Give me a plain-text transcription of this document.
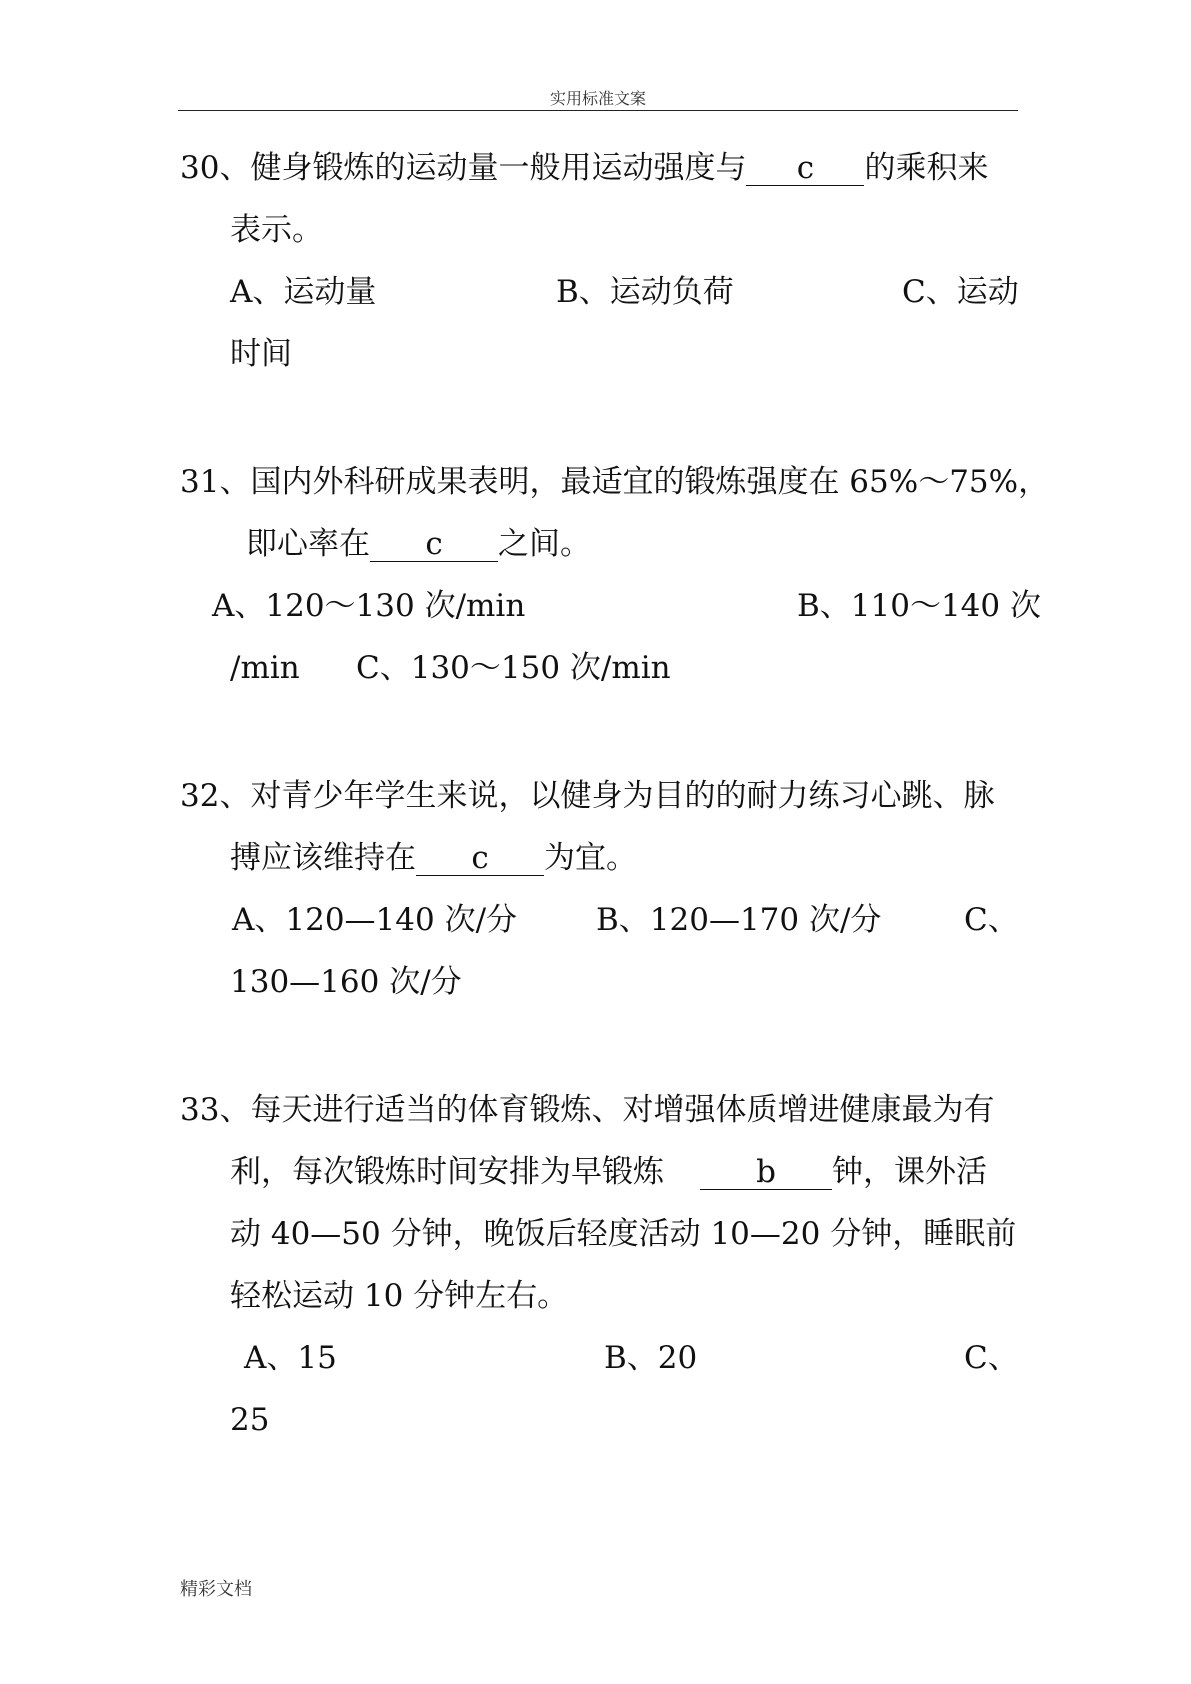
实用标准文案
30、健身锻炼的运动量一般用运动强度与 c 的乘积来
表示。
A、运动量	B、运动负荷	C、运动
时间
31、国内外科研成果表明，最适宜的锻炼强度在 65%～75%，
即心率在 c 之间。
A、120～130 次/min	B、110～140 次
/min C、130～150 次/min
32、对青少年学生来说，以健身为目的的耐力练习心跳、脉
搏应该维持在 c 为宜。
A、120—140 次/分	B、120—170 次/分	C、
130—160 次/分
33、每天进行适当的体育锻炼、对增强体质增进健康最为有
利，每次锻炼时间安排为早锻炼	b 钟，课外活
动 40—50 分钟，晚饭后轻度活动 10—20 分钟，睡眠前
轻松运动 10 分钟左右。
A、15	B、20	C、
25
精彩文档
